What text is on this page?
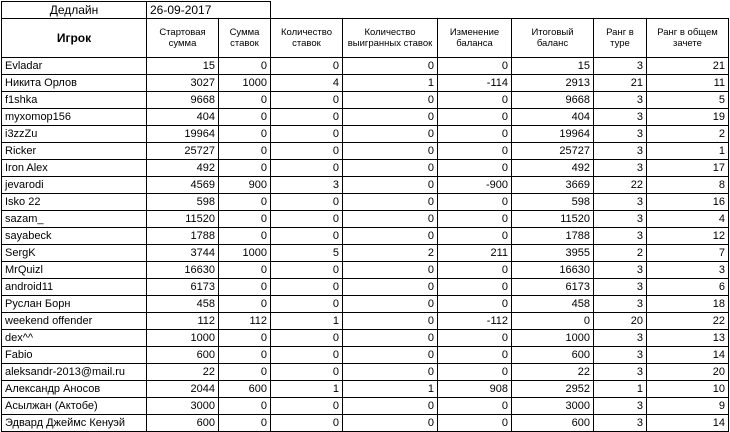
Дедлайн	26-09-2017							
Игрок	Стартовая сумма	Сумма ставок	Количество ставок	Количество выигранных ставок	Изменение баланса	Итоговый баланс	Ранг в туре	Ранг в общем зачете
Evladar	15	0	0	0	0	15	3	21
Никита Орлов	3027	1000	4	1	-114	2913	21	11
f1shka	9668	0	0	0	0	9668	3	5
myxomop156	404	0	0	0	0	404	3	19
i3zzZu	19964	0	0	0	0	19964	3	2
Ricker	25727	0	0	0	0	25727	3	1
Iron Alex	492	0	0	0	0	492	3	17
jevarodi	4569	900	3	0	-900	3669	22	8
Isko 22	598	0	0	0	0	598	3	16
sazam_	11520	0	0	0	0	11520	3	4
sayabeck	1788	0	0	0	0	1788	3	12
SergK	3744	1000	5	2	211	3955	2	7
MrQuizl	16630	0	0	0	0	16630	3	3
android11	6173	0	0	0	0	6173	3	6
Руслан Борн	458	0	0	0	0	458	3	18
weekend offender	112	112	1	0	-112	0	20	22
dex^^	1000	0	0	0	0	1000	3	13
Fabio	600	0	0	0	0	600	3	14
aleksandr-2013@mail.ru	22	0	0	0	0	22	3	20
Александр Аносов	2044	600	1	1	908	2952	1	10
Асылжан (Актобе)	3000	0	0	0	0	3000	3	9
Эдвард Джеймс Кенуэй	600	0	0	0	0	600	3	14
